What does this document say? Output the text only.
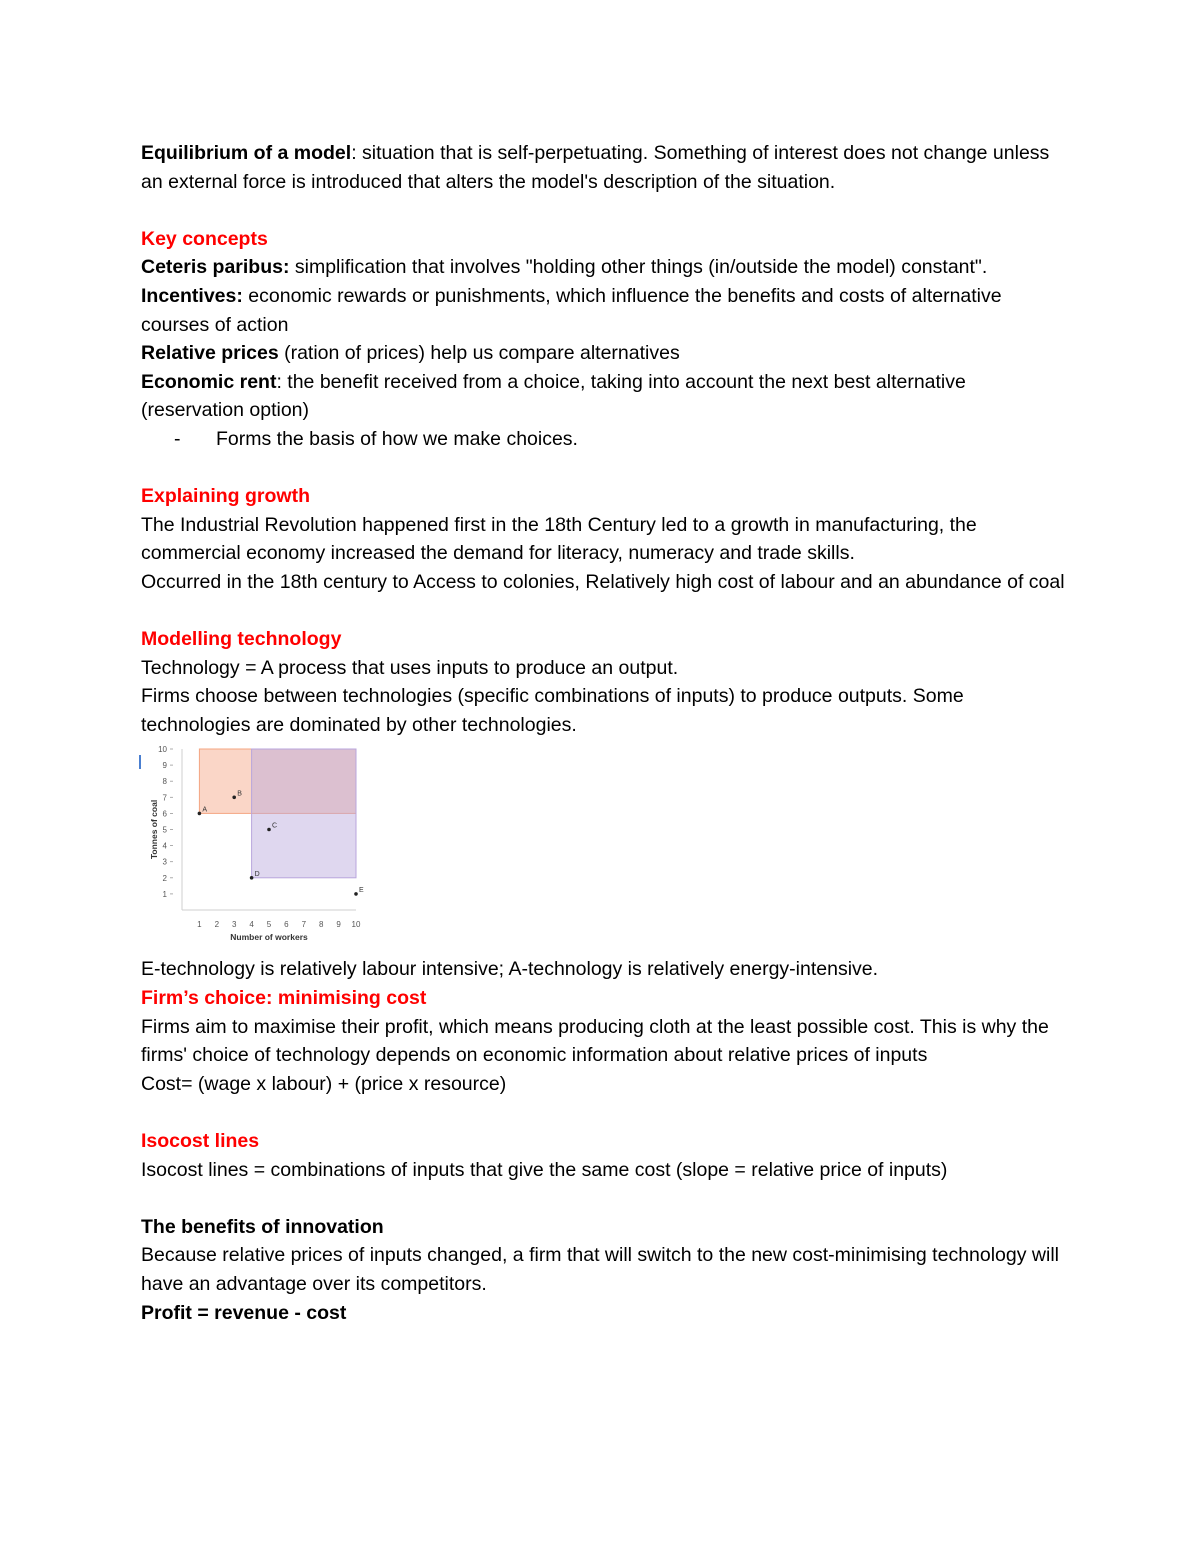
Equilibrium of a model: situation that is self-perpetuating. Something of interest does not change unless an external force is introduced that alters the model's description of the situation.

Key concepts

Ceteris paribus: simplification that involves "holding other things (in/outside the model) constant".

Incentives: economic rewards or punishments, which influence the benefits and costs of alternative courses of action

Relative prices (ration of prices) help us compare alternatives

Economic rent: the benefit received from a choice, taking into account the next best alternative (reservation option)

- Forms the basis of how we make choices.

Explaining growth

The Industrial Revolution happened first in the 18th Century led to a growth in manufacturing, the commercial economy increased the demand for literacy, numeracy and trade skills.

Occurred in the 18th century to Access to colonies, Relatively high cost of labour and an abundance of coal

Modelling technology

Technology = A process that uses inputs to produce an output.

Firms choose between technologies (specific combinations of inputs) to produce outputs. Some technologies are dominated by other technologies.

1 2 3 4 5 6 7 8 9 10
1
2
3
4
5
6
7
8
9
10
A
B
C
D
E
Number of workers
Tonnes of coal

E-technology is relatively labour intensive; A-technology is relatively energy-intensive.

Firm’s choice: minimising cost

Firms aim to maximise their profit, which means producing cloth at the least possible cost. This is why the firms' choice of technology depends on economic information about relative prices of inputs

Cost= (wage x labour) + (price x resource)

Isocost lines

Isocost lines = combinations of inputs that give the same cost (slope = relative price of inputs)

The benefits of innovation

Because relative prices of inputs changed, a firm that will switch to the new cost-minimising technology will have an advantage over its competitors.

Profit = revenue - cost
